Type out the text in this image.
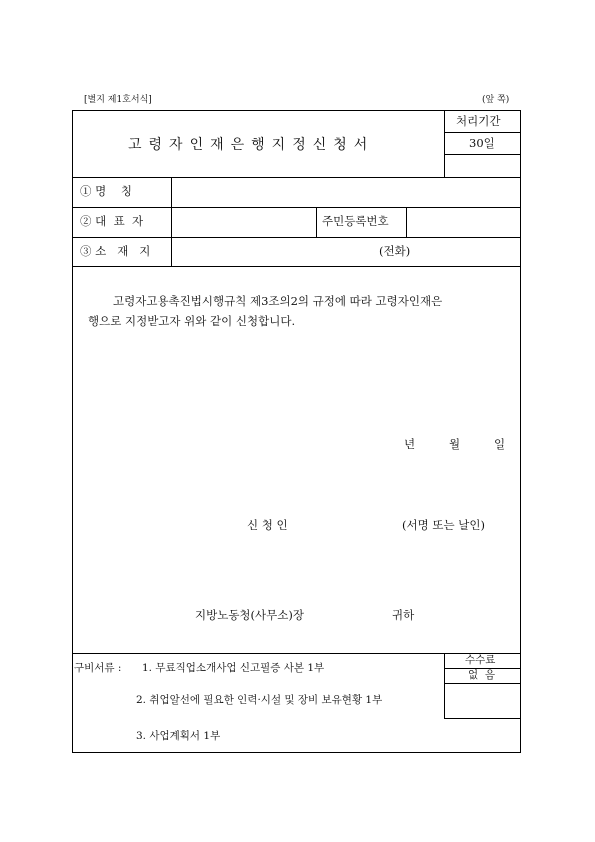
[별지 제1호서식]	(앞 쪽)
고령자인재은행지정신청서
처리기간
30일
① 명    칭
② 대  표  자	주민등록번호
③ 소   재   지	(전화)
고령자고용촉진법시행규칙 제3조의2의 규정에 따라 고령자인재은
행으로 지정받고자 위와 같이 신청합니다.
년	월	일
신 청 인	(서명 또는 날인)
지방노동청(사무소)장	귀하
구비서류 : 1. 무료직업소개사업 신고필증 사본 1부
2. 취업알선에 필요한 인력·시설 및 장비 보유현황 1부
3. 사업계획서 1부
수수료
없  음
